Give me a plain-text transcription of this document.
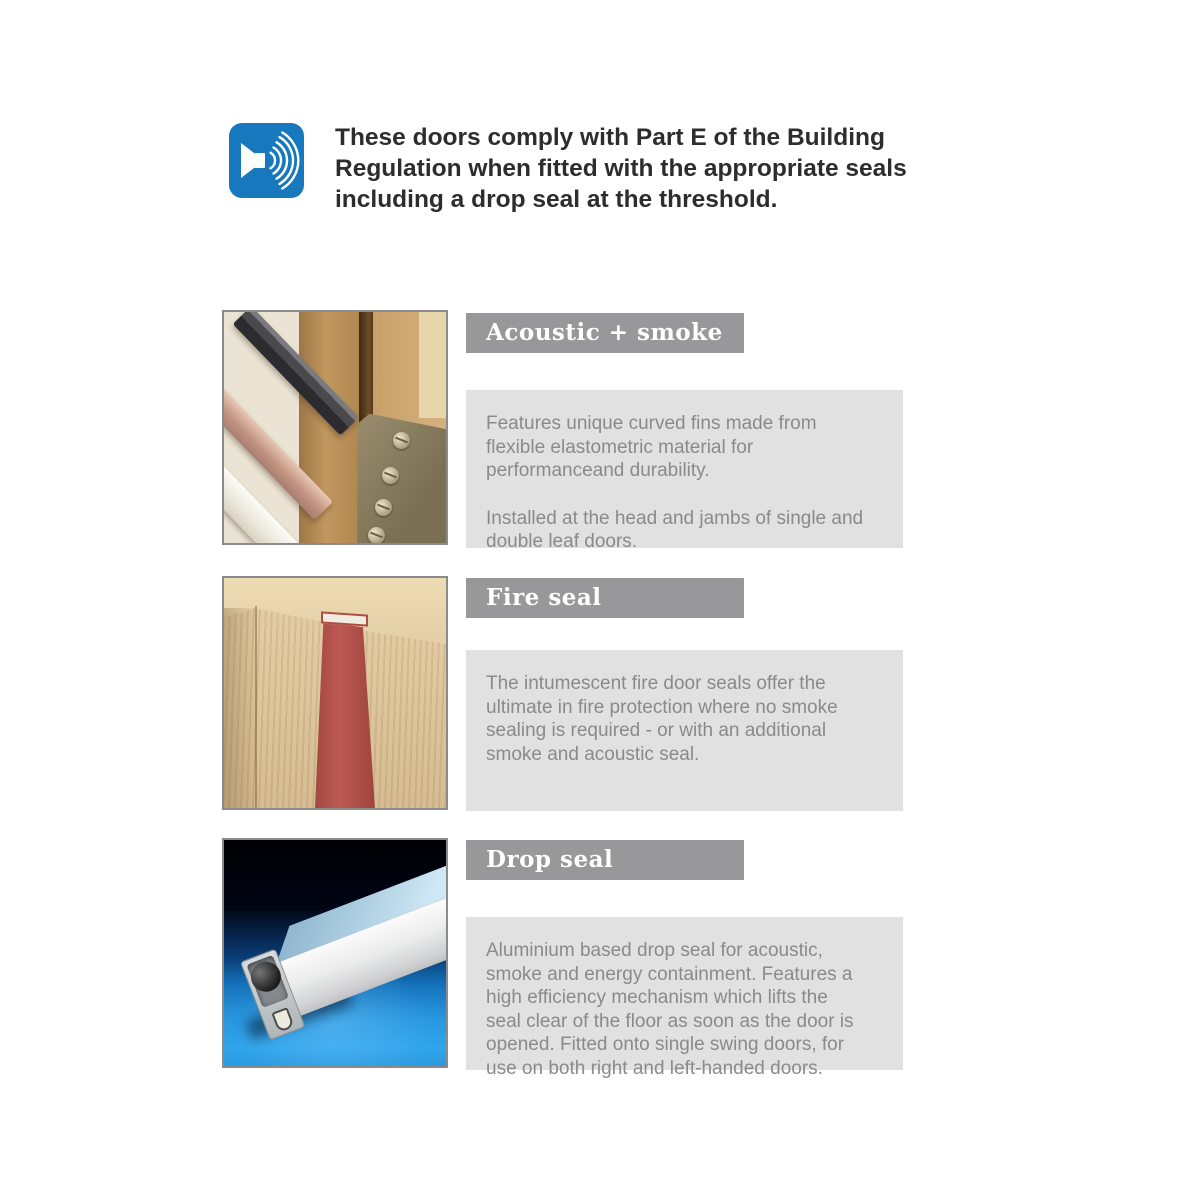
These doors comply with Part E of the Building Regulation when fitted with the appropriate seals including a drop seal at the threshold.
Acoustic + smoke seal

Features unique curved fins made from flexible elastometric material for performanceand durability.

Installed at the head and jambs of single and double leaf doors.

Fire seal

The intumescent fire door seals offer the ultimate in fire protection where no smoke sealing is required - or with an additional smoke and acoustic seal.

Drop seal

Aluminium based drop seal for acoustic, smoke and energy containment. Features a high efficiency mechanism which lifts the seal clear of the floor as soon as the door is opened. Fitted onto single swing doors, for use on both right and left-handed doors.
